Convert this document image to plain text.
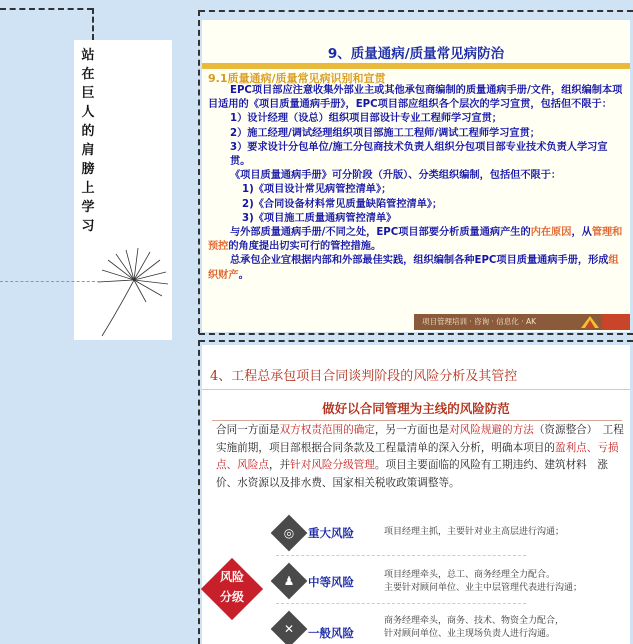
站
在
巨
人
的
肩
膀
上
学
习
9、质量通病/质量常见病防治
9.1质量通病/质量常见病识别和宣贯

EPC项目部应注意收集外部业主或其他承包商编制的质量通病手册/文件，组织编制本项目适用的《项目质量通病手册》，EPC项目部应组织各个层次的学习宣贯，包括但不限于：

1）设计经理（设总）组织项目部设计专业工程师学习宣贯；

2）施工经理/调试经理组织项目部施工工程师/调试工程师学习宣贯；

3）要求设计分包单位/施工分包商技术负责人组织分包项目部专业技术负责人学习宣贯。

《项目质量通病手册》可分阶段（升版）、分类组织编制，包括但不限于：

1)《项目设计常见病管控清单》；

2)《合同设备材料常见质量缺陷管控清单》；

3)《项目施工质量通病管控清单》

与外部质量通病手册/不同之处，EPC项目部要分析质量通病产生的内在原因，从管理和预控的角度提出切实可行的管控措施。

总承包企业宜根据内部和外部最佳实践，组织编制各种EPC项目质量通病手册，形成组织财产。

项目管理培训 · 咨询 · 信息化 · AK
4、工程总承包项目合同谈判阶段的风险分析及其管控
做好以合同管理为主线的风险防范
合同一方面是双方权责范围的确定，另一方面也是对风险规避的方法（资源整合）　工程实施前期，项目部根据合同条款及工程量清单的深入分析，明确本项目的盈利点、亏损点、风险点，并针对风险分级管理。项目主要面临的风险有工期违约、建筑材料　涨价、水资源以及排水费、国家相关税收政策调整等。
风险
分级
◎	重大风险	项目经理主抓，主要针对业主高层进行沟通；
♟	中等风险	项目经理牵头，总工、商务经理全力配合。
主要针对顾问单位、业主中层管理代表进行沟通；
✕	一般风险
商务经理牵头，商务、技术、物资全力配合，
针对顾问单位、业主现场负责人进行沟通。
